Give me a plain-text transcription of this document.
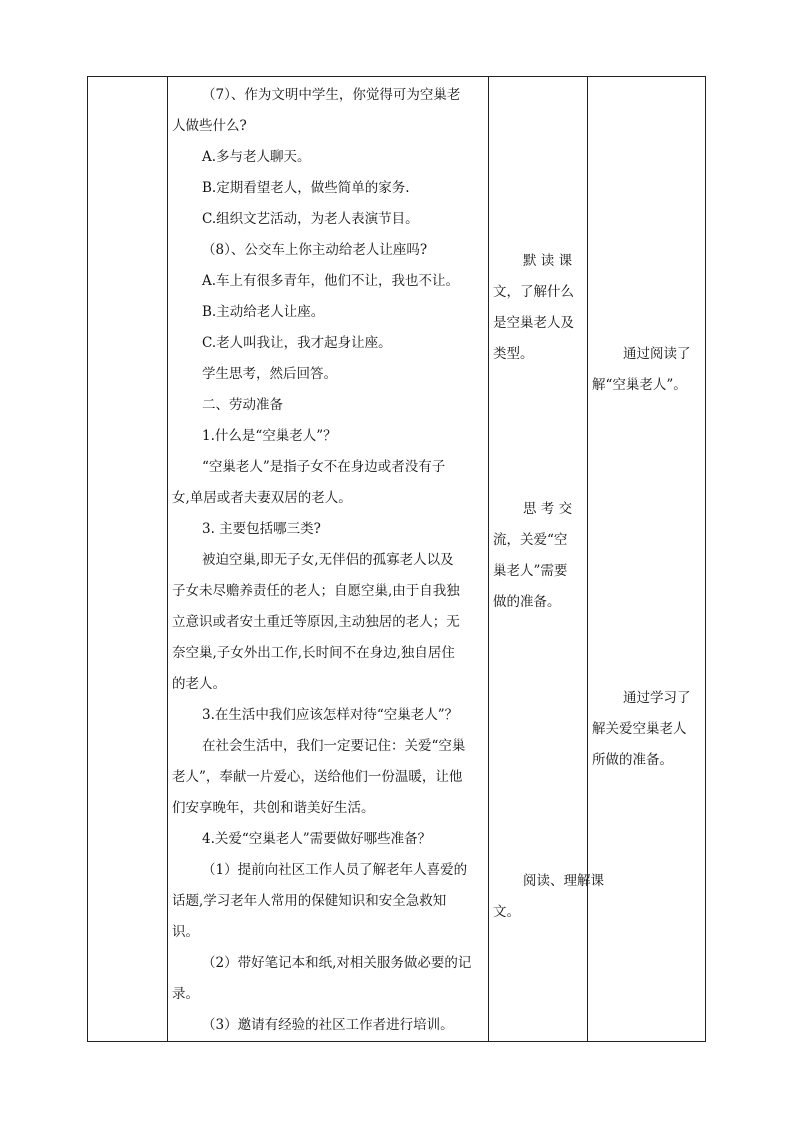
（7）、作为文明中学生，你觉得可为空巢老
人做些什么?
A.多与老人聊天。
B.定期看望老人，做些简单的家务.
C.组织文艺活动，为老人表演节目。
（8）、公交车上你主动给老人让座吗?
A.车上有很多青年，他们不让，我也不让。
B.主动给老人让座。
C.老人叫我让，我才起身让座。
学生思考，然后回答。
二、劳动准备
1.什么是“空巢老人”？
“空巢老人”是指子女不在身边或者没有子
女,单居或者夫妻双居的老人。
3. 主要包括哪三类?
被迫空巢,即无子女,无伴侣的孤寡老人以及
子女未尽赡养责任的老人；自愿空巢,由于自我独
立意识或者安土重迁等原因,主动独居的老人；无
奈空巢,子女外出工作,长时间不在身边,独自居住
的老人。
3.在生活中我们应该怎样对待“空巢老人”？
在社会生活中，我们一定要记住：关爱“空巢
老人”，奉献一片爱心，送给他们一份温暖，让他
们安享晚年，共创和谐美好生活。
4.关爱“空巢老人”需要做好哪些准备？
（1）提前向社区工作人员了解老年人喜爱的
话题,学习老年人常用的保健知识和安全急救知
识。
（2）带好笔记本和纸,对相关服务做必要的记
录。
（3）邀请有经验的社区工作者进行培训。
默 读 课
文，了解什么
是空巢老人及
类型。
思 考 交
流，关爱“空
巢老人”需要
做的准备。
阅读、理解课
文。
通过阅读了
解“空巢老人”。
通过学习了
解关爱空巢老人
所做的准备。
